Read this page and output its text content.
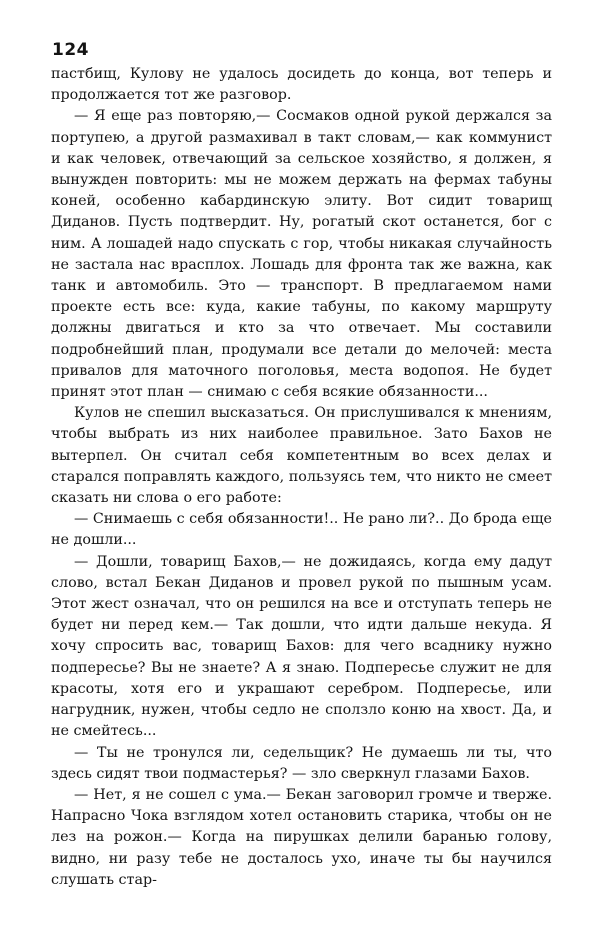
124

пастбищ, Кулову не удалось досидеть до конца, вот теперь и продолжается тот же разговор.

— Я еще раз повторяю,— Сосмаков одной рукой держался за портупею, а другой размахивал в такт словам,— как коммунист и как человек, отвечающий за сельское хозяйство, я должен, я вынужден повторить: мы не можем держать на фермах табуны коней, особенно кабардинскую элиту. Вот сидит товарищ Диданов. Пусть подтвердит. Ну, рогатый скот останется, бог с ним. А лошадей надо спускать с гор, чтобы никакая случайность не застала нас врасплох. Лошадь для фронта так же важна, как танк и автомобиль. Это — транспорт. В предлагаемом нами проекте есть все: куда, какие табуны, по какому маршруту должны двигаться и кто за что отвечает. Мы составили подробнейший план, продумали все детали до мелочей: места привалов для маточного поголовья, места водопоя. Не будет принят этот план — снимаю с себя всякие обязанности...

Кулов не спешил высказаться. Он прислушивался к мнениям, чтобы выбрать из них наиболее правильное. Зато Бахов не вытерпел. Он считал себя компетентным во всех делах и старался поправлять каждого, пользуясь тем, что никто не смеет сказать ни слова о его работе:

— Снимаешь с себя обязанности!.. Не рано ли?.. До брода еще не дошли...

— Дошли, товарищ Бахов,— не дожидаясь, когда ему дадут слово, встал Бекан Диданов и провел рукой по пышным усам. Этот жест означал, что он решился на все и отступать теперь не будет ни перед кем.— Так дошли, что идти дальше некуда. Я хочу спросить вас, товарищ Бахов: для чего всаднику нужно подпересье? Вы не знаете? А я знаю. Подпересье служит не для красоты, хотя его и украшают серебром. Подпересье, или нагрудник, нужен, чтобы седло не сползло коню на хвост. Да, и не смейтесь...

— Ты не тронулся ли, седельщик? Не думаешь ли ты, что здесь сидят твои подмастерья? — зло сверкнул глазами Бахов.

— Нет, я не сошел с ума.— Бекан заговорил громче и тверже. Напрасно Чока взглядом хотел остановить старика, чтобы он не лез на рожон.— Когда на пирушках делили баранью голову, видно, ни разу тебе не досталось ухо, иначе ты бы научился слушать стар-
